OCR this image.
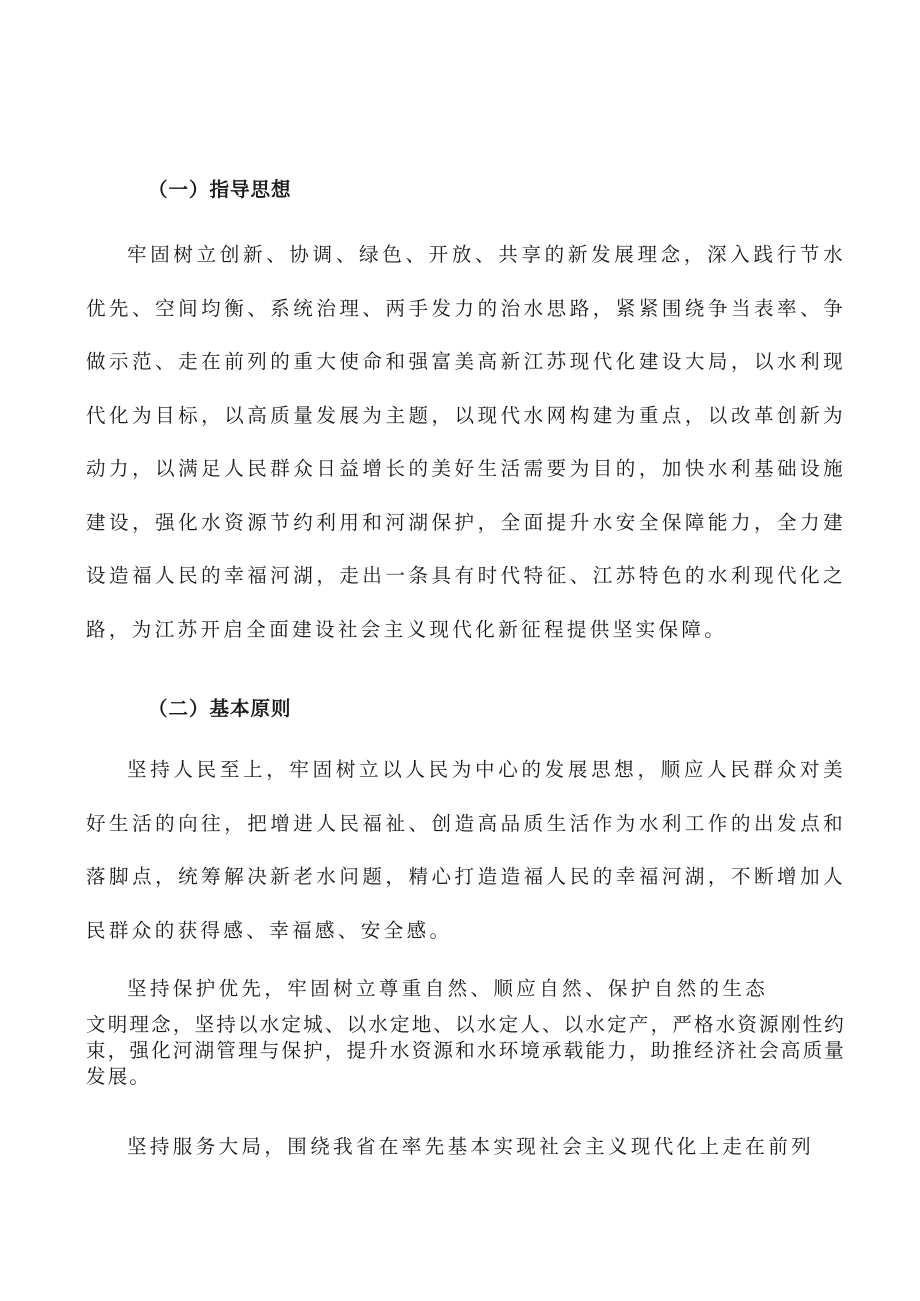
（一）指导思想

牢固树立创新、协调、绿色、开放、共享的新发展理念，深入践行节水优先、空间均衡、系统治理、两手发力的治水思路，紧紧围绕争当表率、争做示范、走在前列的重大使命和强富美高新江苏现代化建设大局，以水利现代化为目标，以高质量发展为主题，以现代水网构建为重点，以改革创新为动力，以满足人民群众日益增长的美好生活需要为目的，加快水利基础设施建设，强化水资源节约利用和河湖保护，全面提升水安全保障能力，全力建设造福人民的幸福河湖，走出一条具有时代特征、江苏特色的水利现代化之路，为江苏开启全面建设社会主义现代化新征程提供坚实保障。

（二）基本原则

坚持人民至上，牢固树立以人民为中心的发展思想，顺应人民群众对美好生活的向往，把增进人民福祉、创造高品质生活作为水利工作的出发点和落脚点，统筹解决新老水问题，精心打造造福人民的幸福河湖，不断增加人民群众的获得感、幸福感、安全感。

坚持保护优先，牢固树立尊重自然、顺应自然、保护自然的生态

文明理念，坚持以水定城、以水定地、以水定人、以水定产，严格水资源刚性约束，强化河湖管理与保护，提升水资源和水环境承载能力，助推经济社会高质量发展。

坚持服务大局，围绕我省在率先基本实现社会主义现代化上走在前列
